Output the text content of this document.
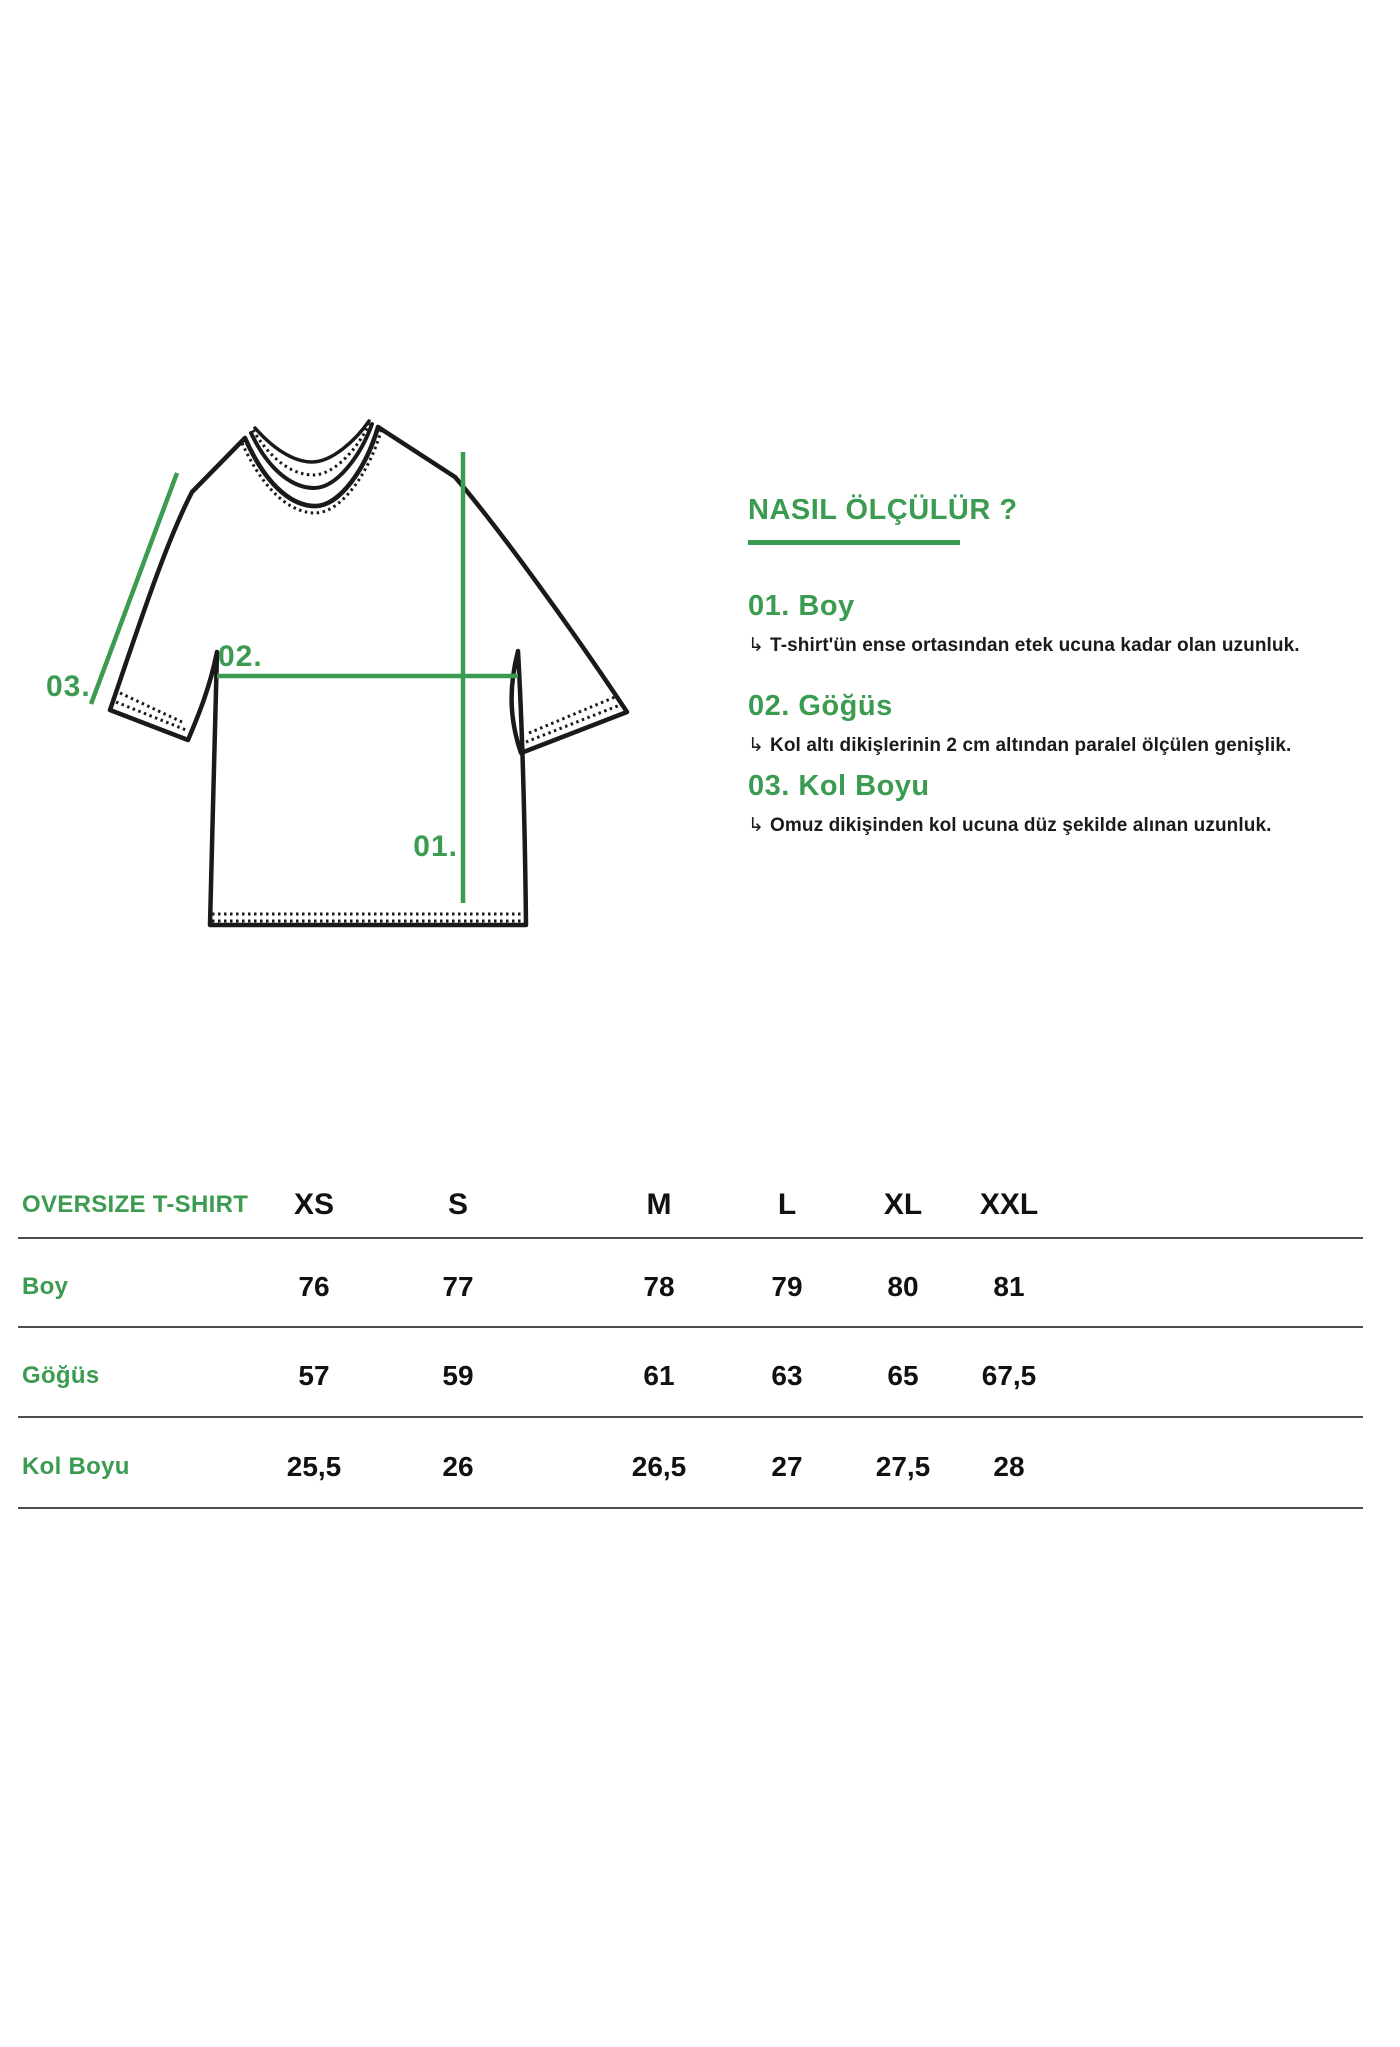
02.
03.
01.
NASIL ÖLÇÜLÜR ?
01. Boy
↳ T-shirt'ün ense ortasından etek ucuna kadar olan uzunluk.
02. Göğüs
↳ Kol altı dikişlerinin 2 cm altından paralel ölçülen genişlik.
03. Kol Boyu
↳ Omuz dikişinden kol ucuna düz şekilde alınan uzunluk.
OVERSIZE T-SHIRT XS	S	M	L	XL XXL
Boy	76	77	78	79	80	81
Göğüs	57	59	61	63	65 67,5
Kol Boyu	25,5	26	26,5	27	27,5 28
